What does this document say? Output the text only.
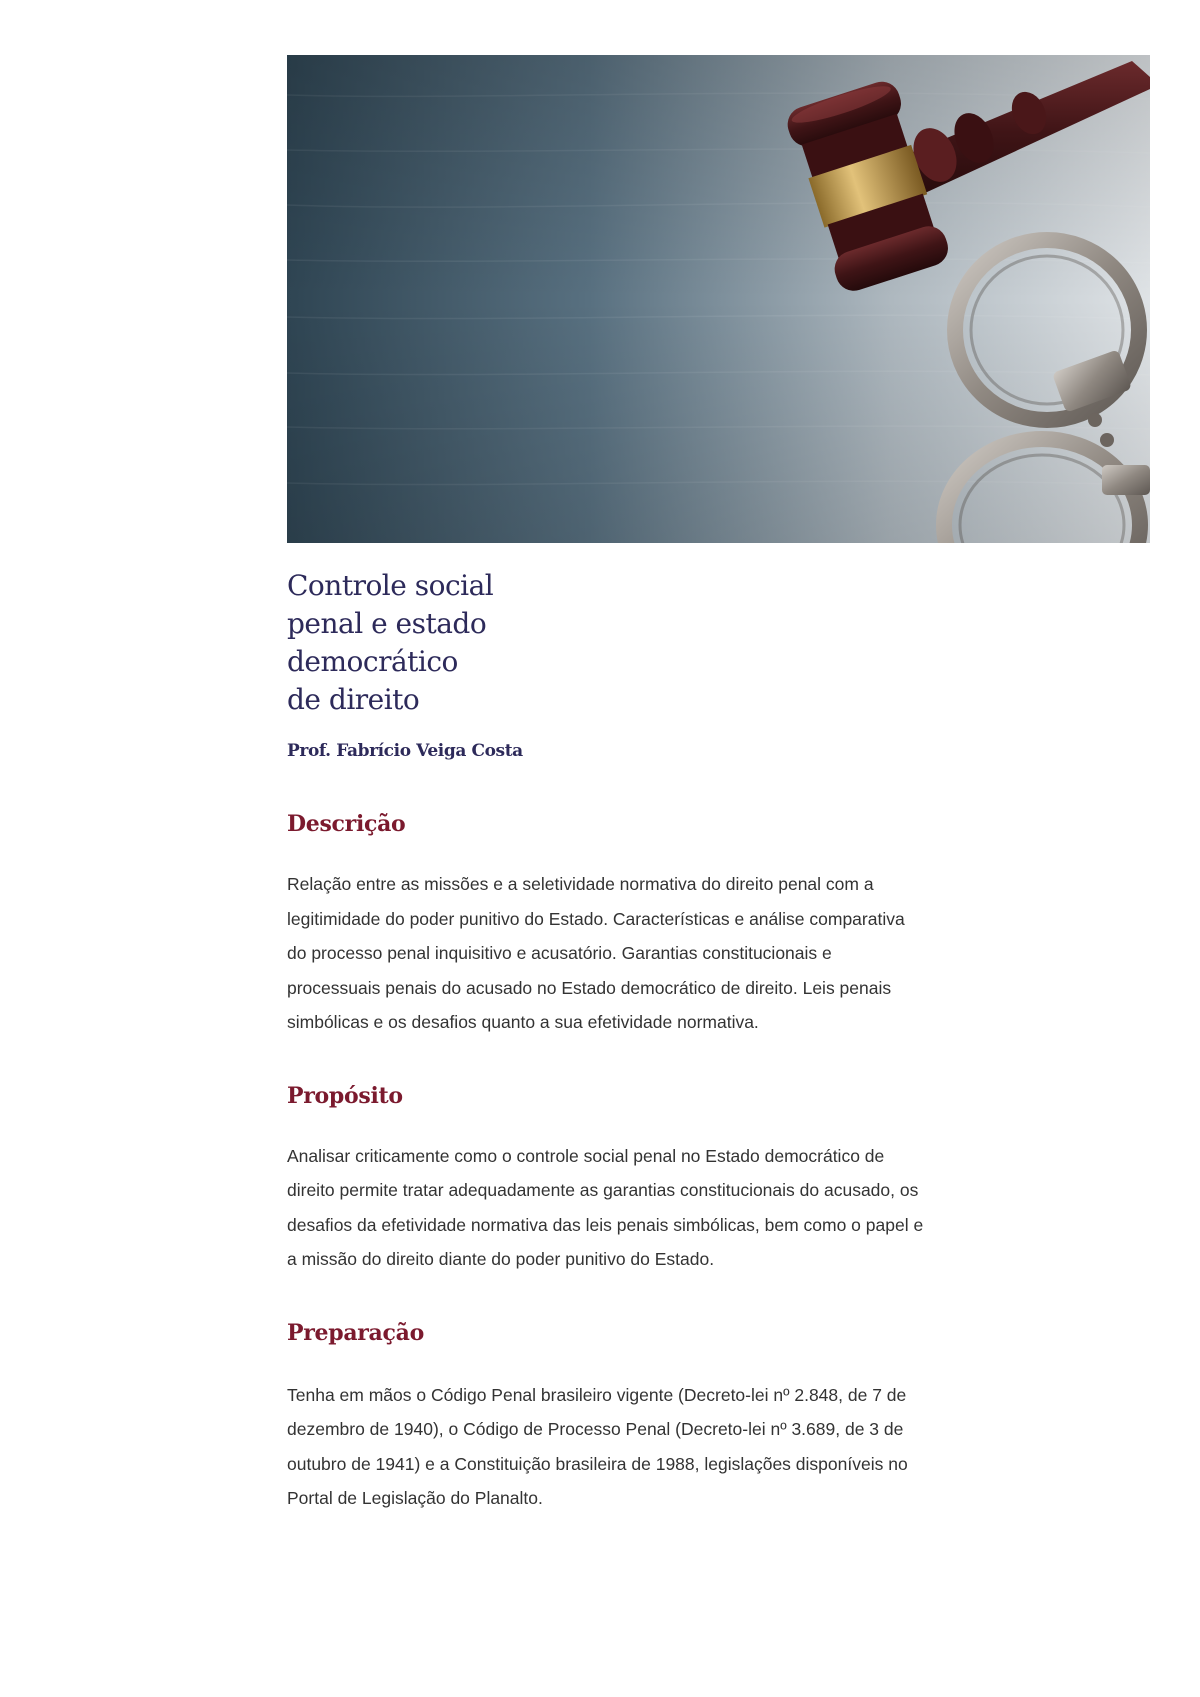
Controle social
penal e estado
democrático
de direito

Prof. Fabrício Veiga Costa

Descrição

Relação entre as missões e a seletividade normativa do direito penal com a legitimidade do poder punitivo do Estado. Características e análise comparativa do processo penal inquisitivo e acusatório. Garantias constitucionais e processuais penais do acusado no Estado democrático de direito. Leis penais simbólicas e os desafios quanto a sua efetividade normativa.

Propósito

Analisar criticamente como o controle social penal no Estado democrático de direito permite tratar adequadamente as garantias constitucionais do acusado, os desafios da efetividade normativa das leis penais simbólicas, bem como o papel e a missão do direito diante do poder punitivo do Estado.

Preparação

Tenha em mãos o Código Penal brasileiro vigente (Decreto-lei nº 2.848, de 7 de dezembro de 1940), o Código de Processo Penal (Decreto-lei nº 3.689, de 3 de outubro de 1941) e a Constituição brasileira de 1988, legislações disponíveis no Portal de Legislação do Planalto.
